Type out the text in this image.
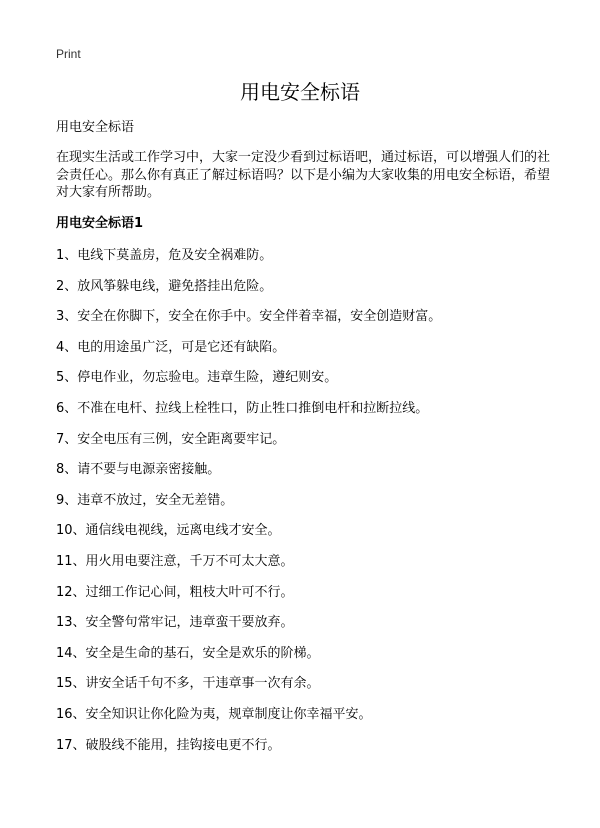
Print
用电安全标语

用电安全标语

在现实生活或工作学习中，大家一定没少看到过标语吧，通过标语，可以增强人们的社会责任心。那么你有真正了解过标语吗？以下是小编为大家收集的用电安全标语，希望对大家有所帮助。

用电安全标语1
1、电线下莫盖房，危及安全祸难防。
2、放风筝躲电线，避免搭挂出危险。
3、安全在你脚下，安全在你手中。安全伴着幸福，安全创造财富。
4、电的用途虽广泛，可是它还有缺陷。
5、停电作业，勿忘验电。违章生险，遵纪则安。
6、不准在电杆、拉线上栓牲口，防止牲口推倒电杆和拉断拉线。
7、安全电压有三例，安全距离要牢记。
8、请不要与电源亲密接触。
9、违章不放过，安全无差错。
10、通信线电视线，远离电线才安全。
11、用火用电要注意，千万不可太大意。
12、过细工作记心间，粗枝大叶可不行。
13、安全警句常牢记，违章蛮干要放弃。
14、安全是生命的基石，安全是欢乐的阶梯。
15、讲安全话千句不多，干违章事一次有余。
16、安全知识让你化险为夷，规章制度让你幸福平安。
17、破股线不能用，挂钩接电更不行。
